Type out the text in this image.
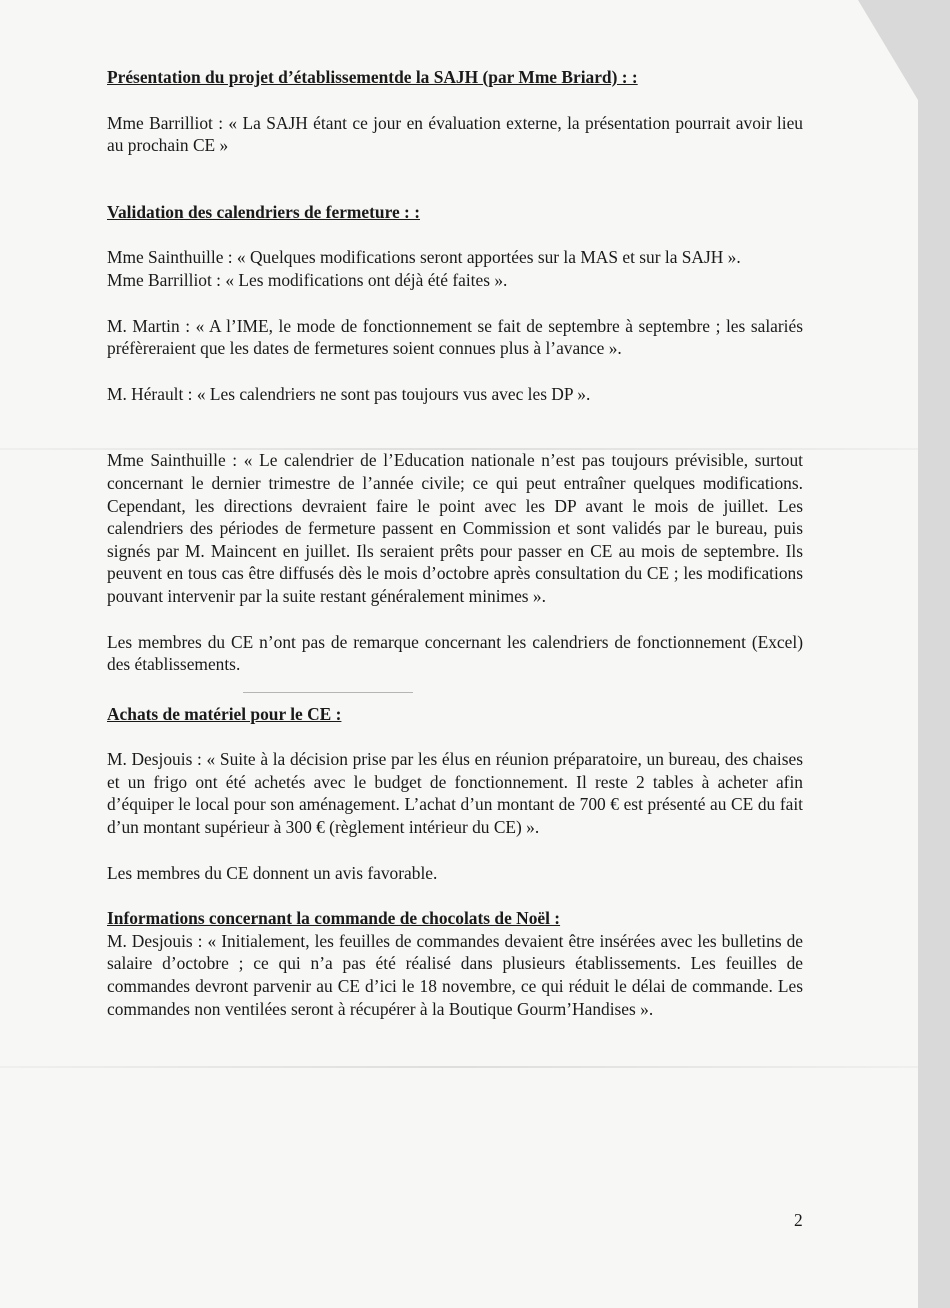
Présentation du projet d’établissementde la SAJH (par Mme Briard) : :

Mme Barrilliot : « La SAJH étant ce jour en évaluation externe, la présentation pourrait avoir lieu au prochain CE »

Validation des calendriers de fermeture : :

Mme Sainthuille : « Quelques modifications seront apportées sur la MAS et sur la SAJH ».

Mme Barrilliot : « Les modifications ont déjà été faites ».

M. Martin : « A l’IME, le mode de fonctionnement se fait de septembre à septembre ; les salariés préfèreraient que les dates de fermetures soient connues plus à l’avance ».

M. Hérault : « Les calendriers ne sont pas toujours vus avec les DP ».

Mme Sainthuille : « Le calendrier de l’Education nationale n’est pas toujours prévisible, surtout concernant le dernier trimestre de l’année civile; ce qui peut entraîner quelques modifications. Cependant, les directions devraient faire le point avec les DP avant le mois de juillet. Les calendriers des périodes de fermeture passent en Commission et sont validés par le bureau, puis signés par M. Maincent en juillet. Ils seraient prêts pour passer en CE au mois de septembre. Ils peuvent en tous cas être diffusés dès le mois d’octobre après consultation du CE ; les modifications pouvant intervenir par la suite restant généralement minimes ».

Les membres du CE n’ont pas de remarque concernant les calendriers de fonctionnement (Excel) des établissements.

Achats de matériel pour le CE :

M. Desjouis : « Suite à la décision prise par les élus en réunion préparatoire, un bureau, des chaises et un frigo ont été achetés avec le budget de fonctionnement. Il reste 2 tables à acheter afin d’équiper le local pour son aménagement. L’achat d’un montant de 700 € est présenté au CE du fait d’un montant supérieur à 300 € (règlement intérieur du CE) ».

Les membres du CE donnent un avis favorable.

Informations concernant la commande de chocolats de Noël :

M. Desjouis : « Initialement, les feuilles de commandes devaient être insérées avec les bulletins de salaire d’octobre ; ce qui n’a pas été réalisé dans plusieurs établissements. Les feuilles de commandes devront parvenir au CE d’ici le 18 novembre, ce qui réduit le délai de commande. Les commandes non ventilées seront à récupérer à la Boutique Gourm’Handises ».

2
